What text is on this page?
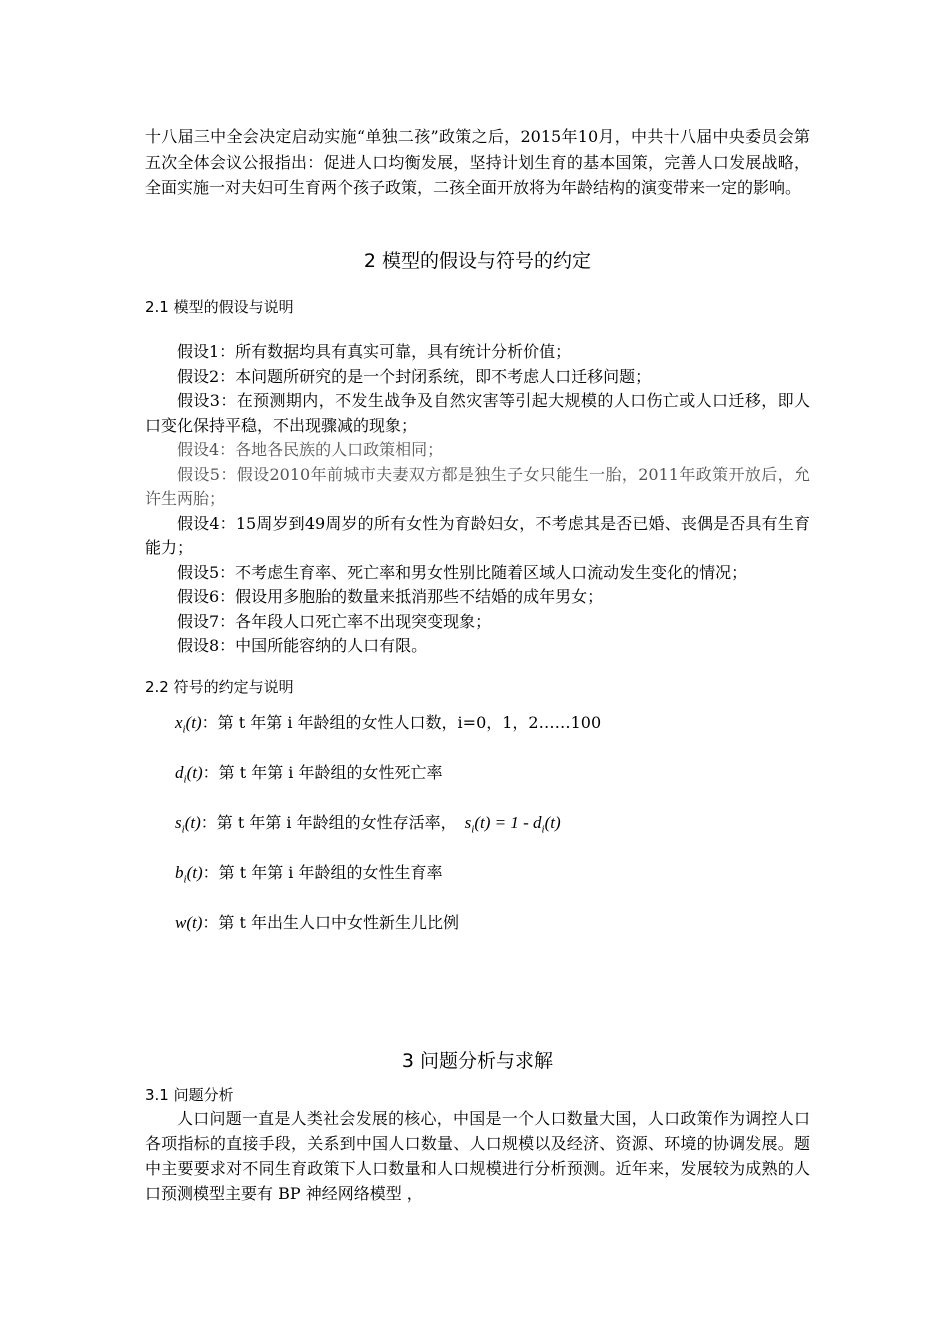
十八届三中全会决定启动实施“单独二孩”政策之后，2015年10月，中共十八届中央委员会第五次全体会议公报指出：促进人口均衡发展，坚持计划生育的基本国策，完善人口发展战略，全面实施一对夫妇可生育两个孩子政策，二孩全面开放将为年龄结构的演变带来一定的影响。
2 模型的假设与符号的约定
2.1 模型的假设与说明
假设1：所有数据均具有真实可靠，具有统计分析价值；
假设2：本问题所研究的是一个封闭系统，即不考虑人口迁移问题；
假设3：在预测期内，不发生战争及自然灾害等引起大规模的人口伤亡或人口迁移，即人口变化保持平稳，不出现骤减的现象；
假设4：各地各民族的人口政策相同；
假设5：假设2010年前城市夫妻双方都是独生子女只能生一胎，2011年政策开放后，允许生两胎；
假设4：15周岁到49周岁的所有女性为育龄妇女，不考虑其是否已婚、丧偶是否具有生育能力；
假设5：不考虑生育率、死亡率和男女性别比随着区域人口流动发生变化的情况；
假设6：假设用多胞胎的数量来抵消那些不结婚的成年男女；
假设7：各年段人口死亡率不出现突变现象；
假设8：中国所能容纳的人口有限。
2.2 符号的约定与说明
$x_i(t)$：第 t 年第 i 年龄组的女性人口数，i=0，1，2……100
$d_i(t)$：第 t 年第 i 年龄组的女性死亡率
$s_i(t)$：第 t 年第 i 年龄组的女性存活率， $s_i(t) = 1 - d_i(t)$
$b_i(t)$：第 t 年第 i 年龄组的女性生育率
w(t)：第 t 年出生人口中女性新生儿比例
3 问题分析与求解
3.1 问题分析
人口问题一直是人类社会发展的核心，中国是一个人口数量大国，人口政策作为调控人口各项指标的直接手段，关系到中国人口数量、人口规模以及经济、资源、环境的协调发展。题中主要要求对不同生育政策下人口数量和人口规模进行分析预测。近年来，发展较为成熟的人口预测模型主要有 BP 神经网络模型 ，
